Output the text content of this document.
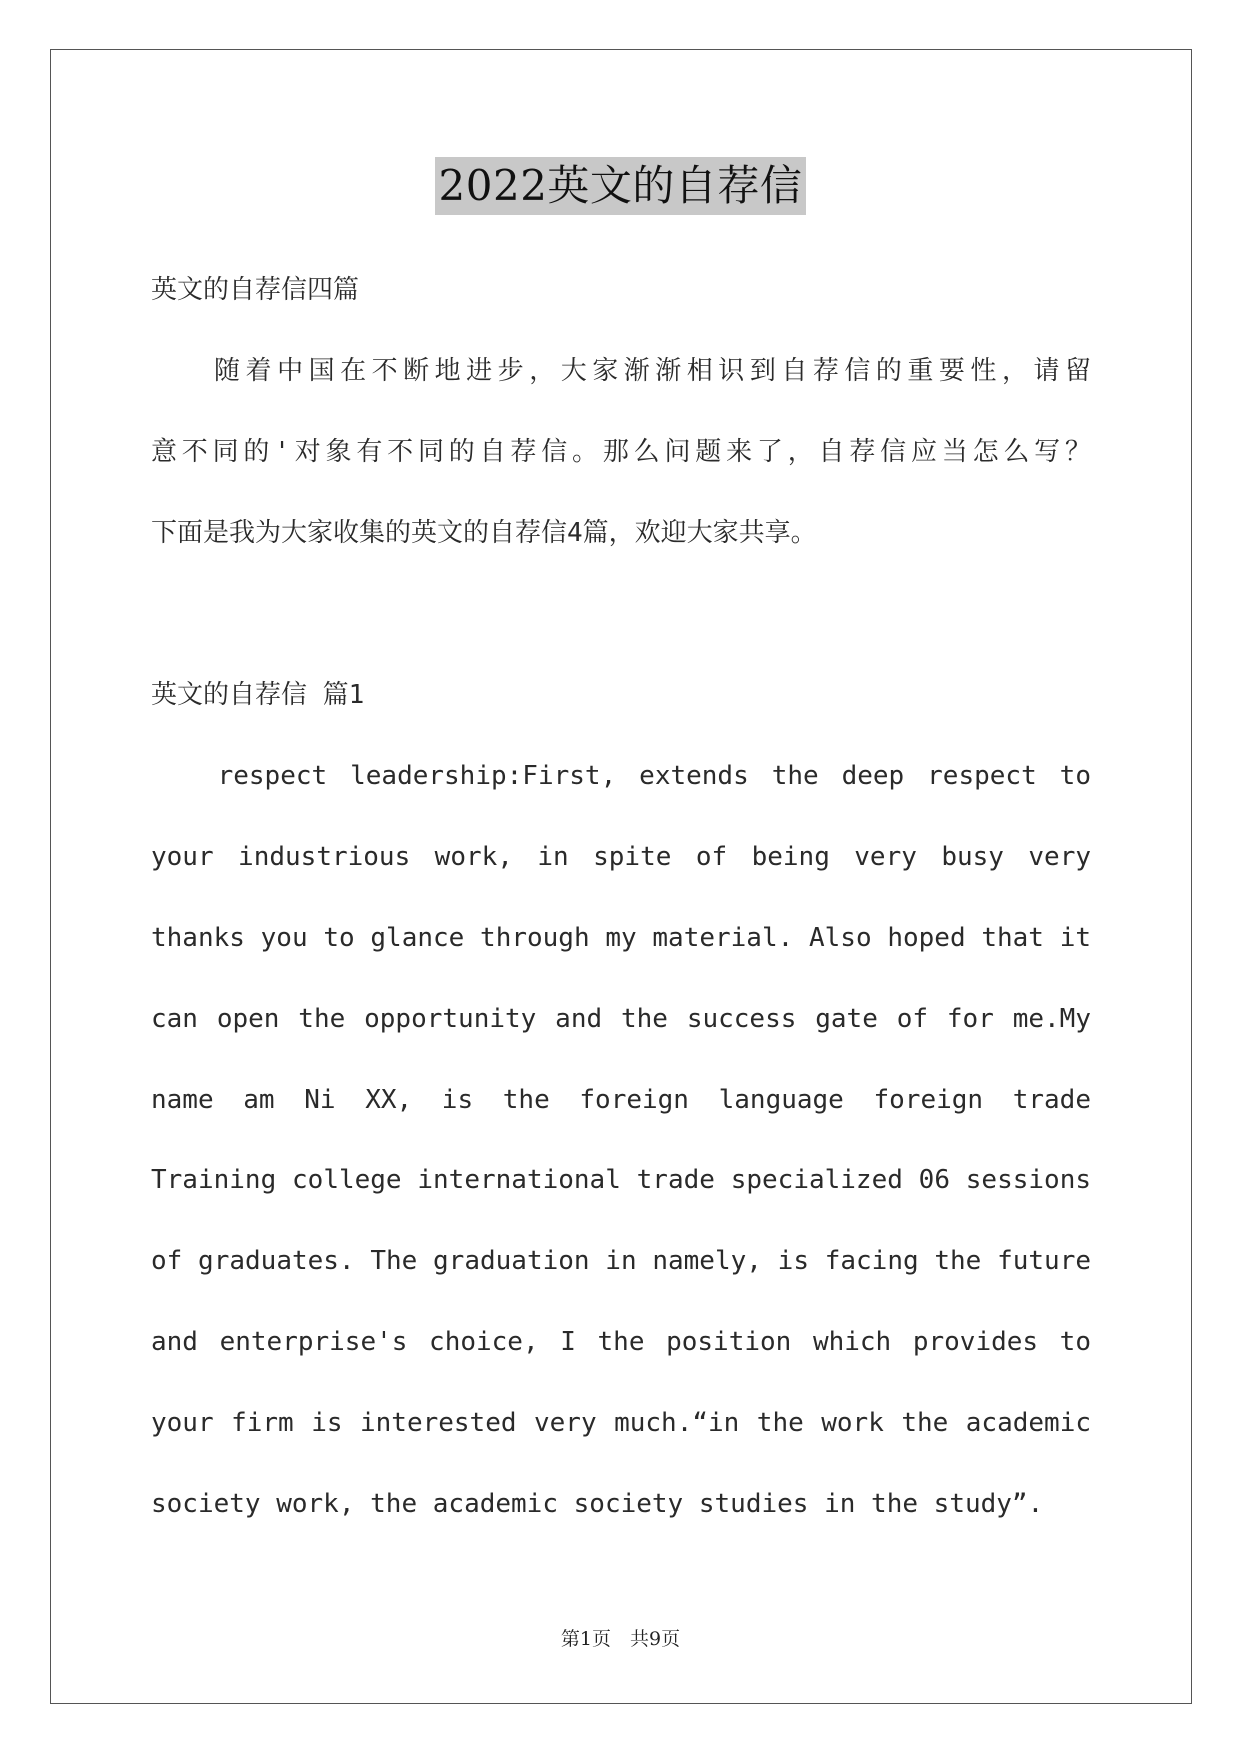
2022英文的自荐信
英文的自荐信四篇
　　随着中国在不断地进步，大家渐渐相识到自荐信的重要性，请留
意不同的'对象有不同的自荐信。那么问题来了，自荐信应当怎么写？
下面是我为大家收集的英文的自荐信4篇，欢迎大家共享。
英文的自荐信 篇1
　　respect leadership:First, extends the deep respect to
your industrious work, in spite of being very busy very
thanks you to glance through my material. Also hoped that it
can open the opportunity and the success gate of for me.My
name am Ni XX, is the foreign language foreign trade
Training college international trade specialized 06 sessions
of graduates. The graduation in namely, is facing the future
and enterprise's choice, I the position which provides to
your firm is interested very much.“in the work the academic
society work, the academic society studies in the study”.
第1页　共9页
